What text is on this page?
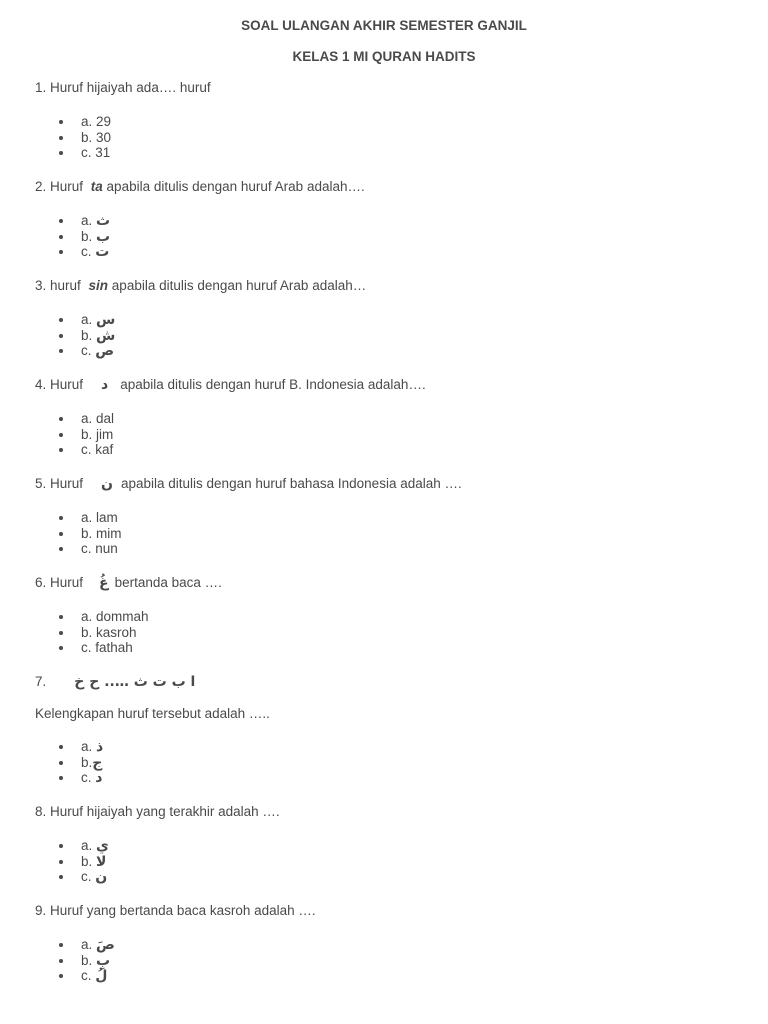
SOAL ULANGAN AKHIR SEMESTER GANJIL
KELAS 1 MI QURAN HADITS
1. Huruf hijaiyah ada…. huruf
a. 29
b. 30
c. 31
2. Huruf ta apabila ditulis dengan huruf Arab adalah….
a. ث
b. ب
c. ت
3. huruf sin apabila ditulis dengan huruf Arab adalah…
a. س
b. ش
c. ص
4. Huruf د apabila ditulis dengan huruf B. Indonesia adalah….
a. dal
b. jim
c. kaf
5. Huruf ن apabila ditulis dengan huruf bahasa Indonesia adalah ….
a. lam
b. mim
c. nun
6. Huruf غُ bertanda baca ….
a. dommah
b. kasroh
c. fathah
7. ا ب ت ث ….. ح خ
Kelengkapan huruf tersebut adalah …..
a. ذ
b.ج
c. د
8. Huruf hijaiyah yang terakhir adalah ….
a. ي
b. لا
c. ن
9. Huruf yang bertanda baca kasroh adalah ….
a. صَ
b. بِ
c. لُ
